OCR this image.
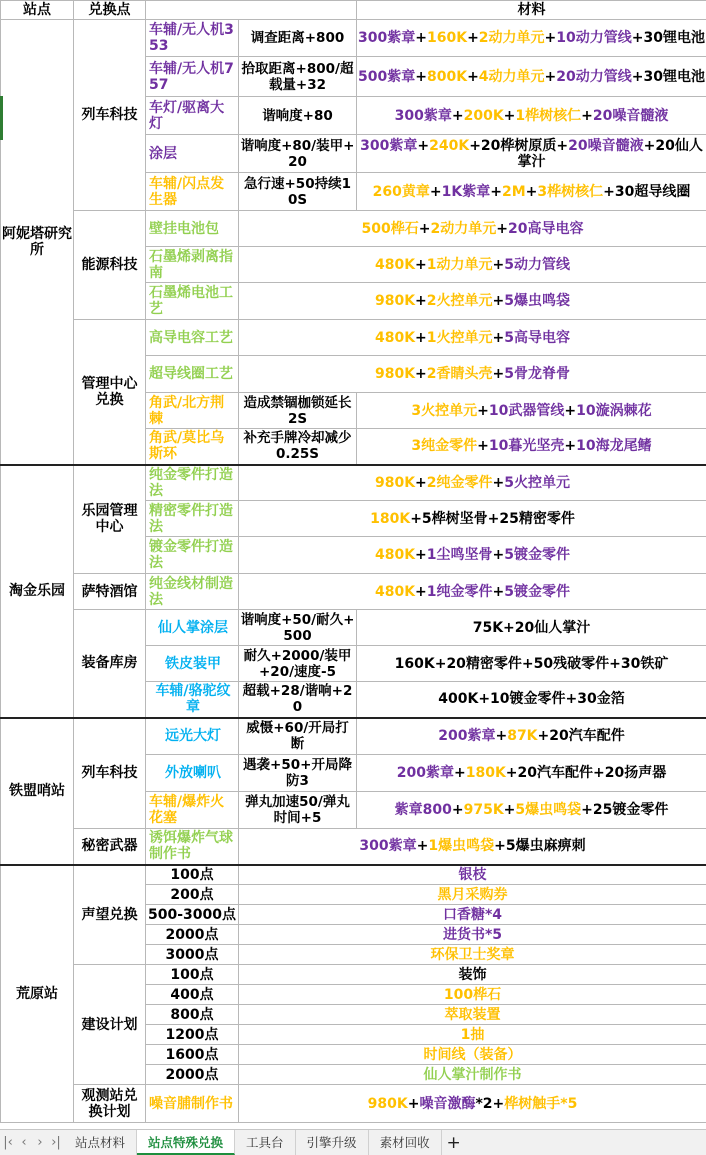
站点	兑换点			材料
阿妮塔研究所	列车科技	车辅/无人机353	调查距离+800	300紫章+160K+2动力单元+10动力管线+30锂电池
		车辅/无人机757	拾取距离+800/超载量+32	500紫章+800K+4动力单元+20动力管线+30锂电池
		车灯/驱离大灯	谐响度+80	300紫章+200K+1桦树核仁+20噪音髓液
		涂层	谐响度+80/装甲+20	300紫章+240K+20桦树原质+20噪音髓液+20仙人掌汁
		车辅/闪点发生器	急行速+50持续10S	260黄章+1K紫章+2M+3桦树核仁+30超导线圈
	能源科技	壁挂电池包	500桦石+2动力单元+20高导电容	
		石墨烯剥离指南	480K+1动力单元+5动力管线	
		石墨烯电池工艺	980K+2火控单元+5爆虫鸣袋	
	管理中心兑换	高导电容工艺	480K+1火控单元+5高导电容	
		超导线圈工艺	980K+2香睛头壳+5骨龙脊骨	
		角武/北方荆棘	造成禁锢枷锁延长2S	3火控单元+10武器管线+10漩涡棘花
		角武/莫比乌斯环	补充手牌冷却减少0.25S	3纯金零件+10暮光坚壳+10海龙尾鳍
淘金乐园	乐园管理中心	纯金零件打造法	980K+2纯金零件+5火控单元	
		精密零件打造法	180K+5桦树坚骨+25精密零件	
		镀金零件打造法	480K+1尘鸣坚骨+5镀金零件	
	萨特酒馆	纯金线材制造法	480K+1纯金零件+5镀金零件	
	装备库房	仙人掌涂层	谐响度+50/耐久+500	75K+20仙人掌汁
		铁皮装甲	耐久+2000/装甲+20/速度-5	160K+20精密零件+50残破零件+30铁矿
		车辅/骆驼纹章	超载+28/谐响+20	400K+10镀金零件+30金箔
铁盟哨站	列车科技	远光大灯	威慑+60/开局打断	200紫章+87K+20汽车配件
		外放喇叭	遇袭+50+开局降防3	200紫章+180K+20汽车配件+20扬声器
		车辅/爆炸火花塞	弹丸加速50/弹丸时间+5	紫章800+975K+5爆虫鸣袋+25镀金零件
	秘密武器	诱饵爆炸气球制作书	300紫章+1爆虫鸣袋+5爆虫麻痹刺	
荒原站	声望兑换	100点	银枝	
		200点	黑月采购券	
		500-3000点	口香糖*4	
		2000点	进货书*5	
		3000点	环保卫士奖章	
	建设计划	100点	装饰	
		400点	100桦石	
		800点	萃取装置	
		1200点	1抽	
		1600点	时间线（装备）	
		2000点	仙人掌汁制作书	
	观测站兑换计划	噪音脯制作书	980K+噪音激酶*2+桦树触手*5	
|‹ ‹ › ›|	站点材料	站点特殊兑换	工具台	引擎升级	素材回收 +
